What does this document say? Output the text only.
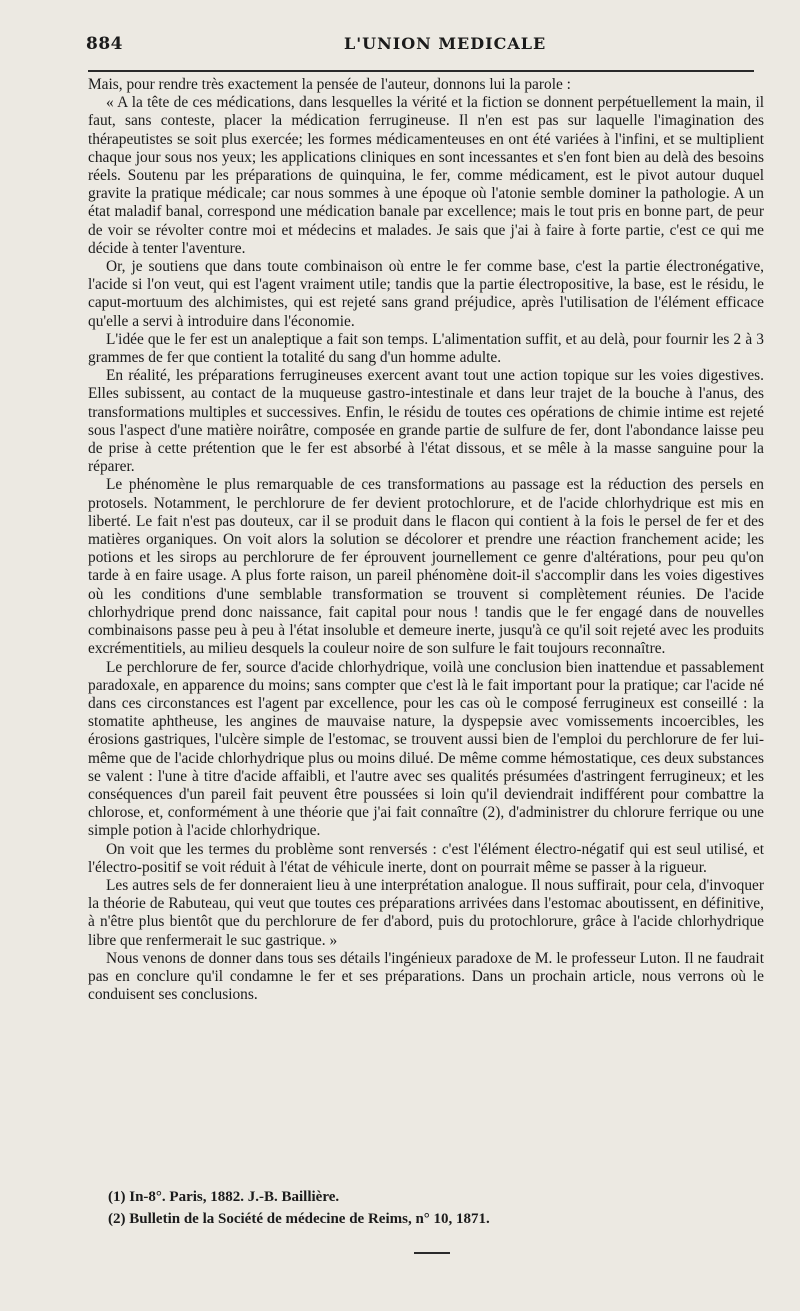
884	L'UNION MEDICALE

Mais, pour rendre très exactement la pensée de l'auteur, donnons lui la parole :

« A la tête de ces médications, dans lesquelles la vérité et la fiction se donnent perpétuellement la main, il faut, sans conteste, placer la médication ferrugineuse. Il n'en est pas sur laquelle l'imagination des thérapeutistes se soit plus exercée; les formes médicamenteuses en ont été variées à l'infini, et se multiplient chaque jour sous nos yeux; les applications cliniques en sont incessantes et s'en font bien au delà des besoins réels. Soutenu par les préparations de quinquina, le fer, comme médicament, est le pivot autour duquel gravite la pratique médicale; car nous sommes à une époque où l'atonie semble dominer la pathologie. A un état maladif banal, correspond une médication banale par excellence; mais le tout pris en bonne part, de peur de voir se révolter contre moi et médecins et malades. Je sais que j'ai à faire à forte partie, c'est ce qui me décide à tenter l'aventure.

Or, je soutiens que dans toute combinaison où entre le fer comme base, c'est la partie électronégative, l'acide si l'on veut, qui est l'agent vraiment utile; tandis que la partie électropositive, la base, est le résidu, le caput-mortuum des alchimistes, qui est rejeté sans grand préjudice, après l'utilisation de l'élément efficace qu'elle a servi à introduire dans l'économie.

L'idée que le fer est un analeptique a fait son temps. L'alimentation suffit, et au delà, pour fournir les 2 à 3 grammes de fer que contient la totalité du sang d'un homme adulte.

En réalité, les préparations ferrugineuses exercent avant tout une action topique sur les voies digestives. Elles subissent, au contact de la muqueuse gastro-intestinale et dans leur trajet de la bouche à l'anus, des transformations multiples et successives. Enfin, le résidu de toutes ces opérations de chimie intime est rejeté sous l'aspect d'une matière noirâtre, composée en grande partie de sulfure de fer, dont l'abondance laisse peu de prise à cette prétention que le fer est absorbé à l'état dissous, et se mêle à la masse sanguine pour la réparer.

Le phénomène le plus remarquable de ces transformations au passage est la réduction des persels en protosels. Notamment, le perchlorure de fer devient protochlorure, et de l'acide chlorhydrique est mis en liberté. Le fait n'est pas douteux, car il se produit dans le flacon qui contient à la fois le persel de fer et des matières organiques. On voit alors la solution se décolorer et prendre une réaction franchement acide; les potions et les sirops au perchlorure de fer éprouvent journellement ce genre d'altérations, pour peu qu'on tarde à en faire usage. A plus forte raison, un pareil phénomène doit-il s'accomplir dans les voies digestives où les conditions d'une semblable transformation se trouvent si complètement réunies. De l'acide chlorhydrique prend donc naissance, fait capital pour nous ! tandis que le fer engagé dans de nouvelles combinaisons passe peu à peu à l'état insoluble et demeure inerte, jusqu'à ce qu'il soit rejeté avec les produits excrémentitiels, au milieu desquels la couleur noire de son sulfure le fait toujours reconnaître.

Le perchlorure de fer, source d'acide chlorhydrique, voilà une conclusion bien inattendue et passablement paradoxale, en apparence du moins; sans compter que c'est là le fait important pour la pratique; car l'acide né dans ces circonstances est l'agent par excellence, pour les cas où le composé ferrugineux est conseillé : la stomatite aphtheuse, les angines de mauvaise nature, la dyspepsie avec vomissements incoercibles, les érosions gastriques, l'ulcère simple de l'estomac, se trouvent aussi bien de l'emploi du perchlorure de fer lui-même que de l'acide chlorhydrique plus ou moins dilué. De même comme hémostatique, ces deux substances se valent : l'une à titre d'acide affaibli, et l'autre avec ses qualités présumées d'astringent ferrugineux; et les conséquences d'un pareil fait peuvent être poussées si loin qu'il deviendrait indifférent pour combattre la chlorose, et, conformément à une théorie que j'ai fait connaître (2), d'administrer du chlorure ferrique ou une simple potion à l'acide chlorhydrique.

On voit que les termes du problème sont renversés : c'est l'élément électro-négatif qui est seul utilisé, et l'électro-positif se voit réduit à l'état de véhicule inerte, dont on pourrait même se passer à la rigueur.

Les autres sels de fer donneraient lieu à une interprétation analogue. Il nous suffirait, pour cela, d'invoquer la théorie de Rabuteau, qui veut que toutes ces préparations arrivées dans l'estomac aboutissent, en définitive, à n'être plus bientôt que du perchlorure de fer d'abord, puis du protochlorure, grâce à l'acide chlorhydrique libre que renfermerait le suc gastrique. »

Nous venons de donner dans tous ses détails l'ingénieux paradoxe de M. le professeur Luton. Il ne faudrait pas en conclure qu'il condamne le fer et ses préparations. Dans un prochain article, nous verrons où le conduisent ses conclusions.

(1) In-8°. Paris, 1882. J.-B. Baillière.

(2) Bulletin de la Société de médecine de Reims, n° 10, 1871.
